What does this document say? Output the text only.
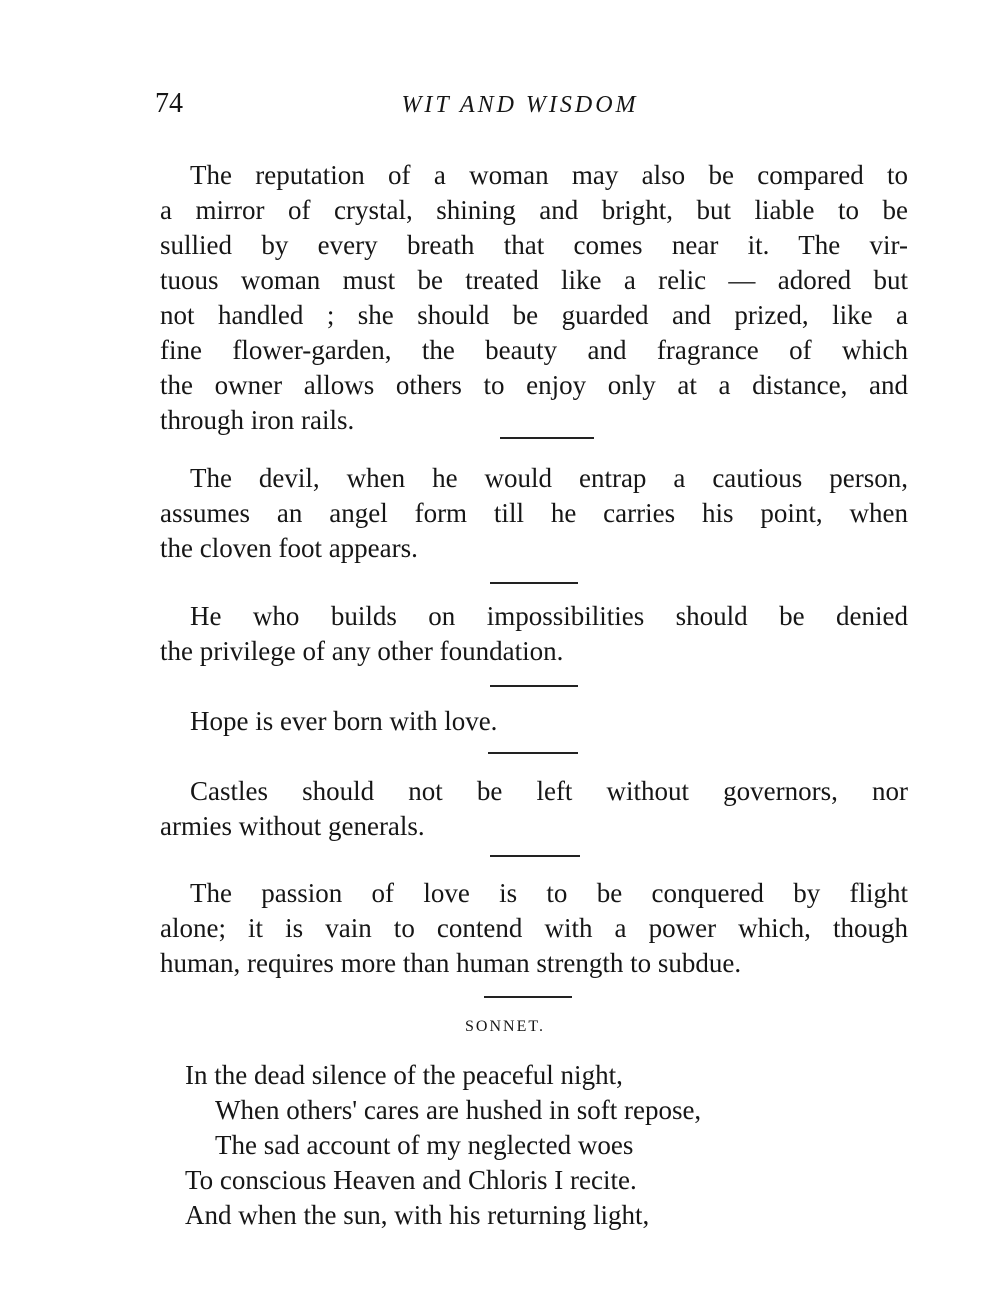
74	WIT AND WISDOM
The reputation of a woman may also be compared to
a mirror of crystal, shining and bright, but liable to be
sullied by every breath that comes near it. The vir-
tuous woman must be treated like a relic — adored but
not handled ; she should be guarded and prized, like a
fine flower-garden, the beauty and fragrance of which
the owner allows others to enjoy only at a distance, and
through iron rails.
The devil, when he would entrap a cautious person,
assumes an angel form till he carries his point, when
the cloven foot appears.
He who builds on impossibilities should be denied
the privilege of any other foundation.
Hope is ever born with love.
Castles should not be left without governors, nor
armies without generals.
The passion of love is to be conquered by flight
alone; it is vain to contend with a power which, though
human, requires more than human strength to subdue.
SONNET.
In the dead silence of the peaceful night,
When others' cares are hushed in soft repose,
The sad account of my neglected woes
To conscious Heaven and Chloris I recite.
And when the sun, with his returning light,
